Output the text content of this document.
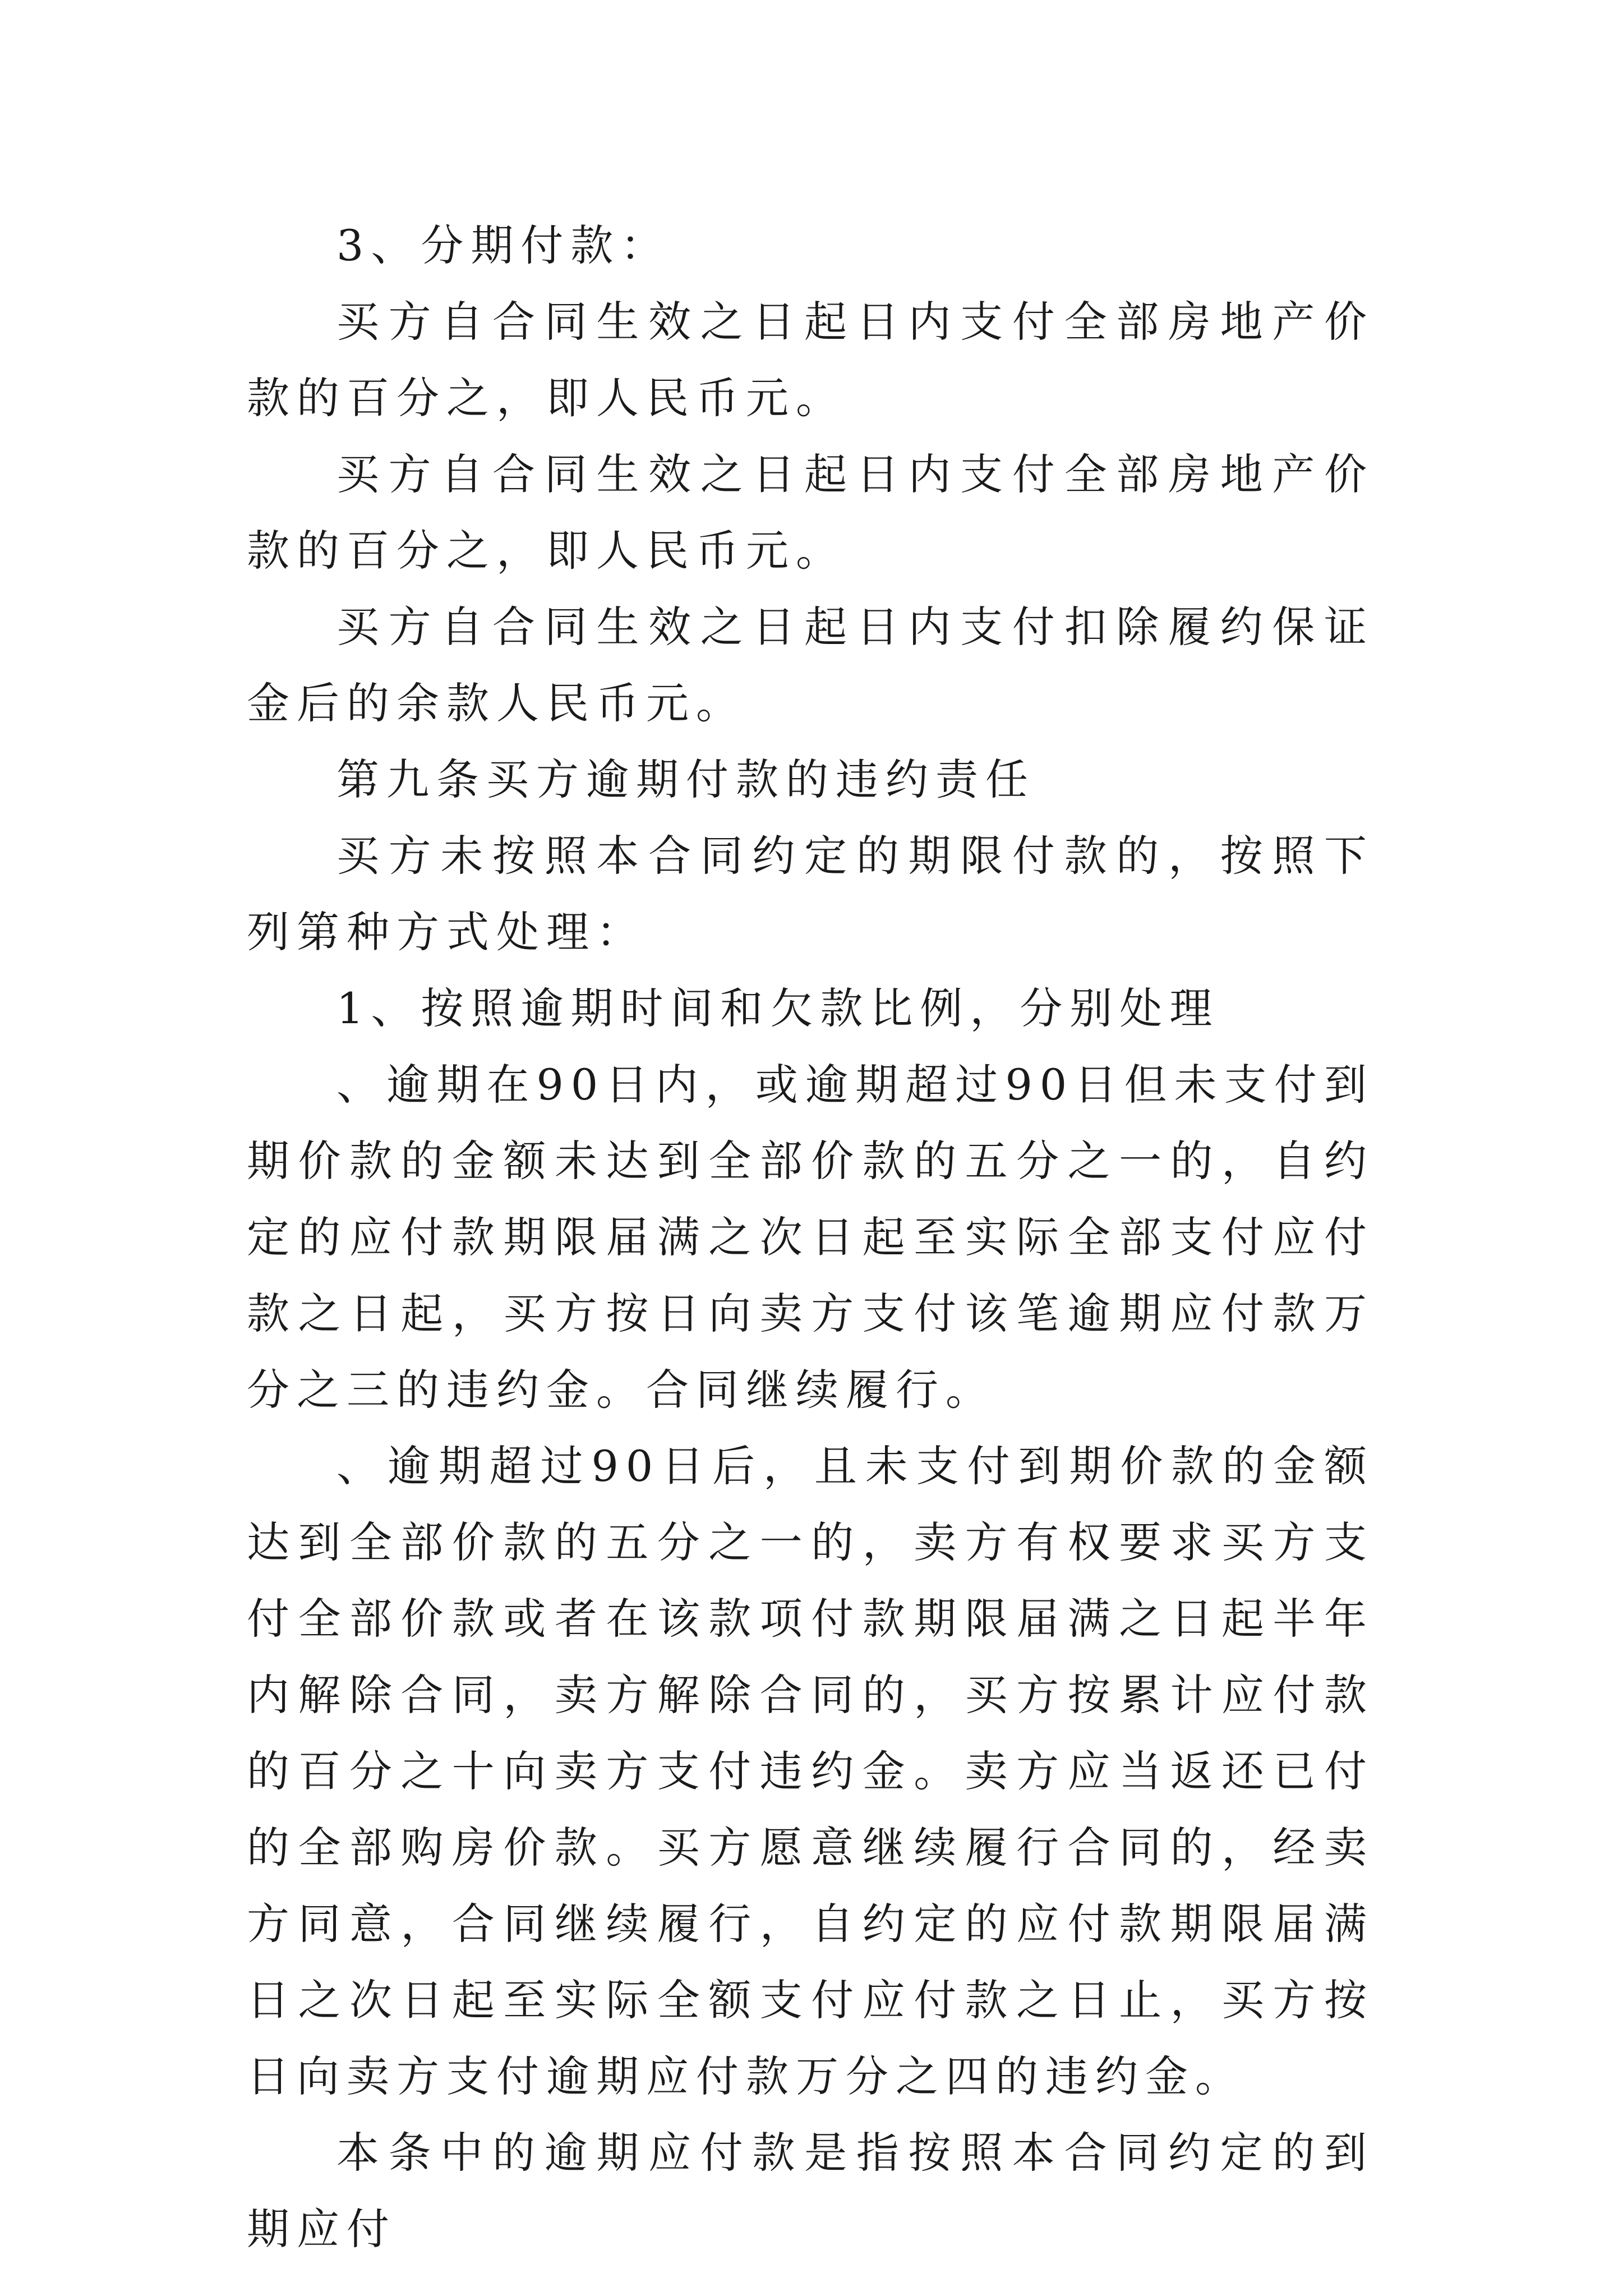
3、分期付款：

买方自合同生效之日起日内支付全部房地产价款的百分之，即人民币元。

买方自合同生效之日起日内支付全部房地产价款的百分之，即人民币元。

买方自合同生效之日起日内支付扣除履约保证金后的余款人民币元。

第九条买方逾期付款的违约责任

买方未按照本合同约定的期限付款的，按照下列第种方式处理：

1、按照逾期时间和欠款比例，分别处理

、逾期在90日内，或逾期超过90日但未支付到期价款的金额未达到全部价款的五分之一的，自约定的应付款期限届满之次日起至实际全部支付应付款之日起，买方按日向卖方支付该笔逾期应付款万分之三的违约金。合同继续履行。

、逾期超过90日后，且未支付到期价款的金额达到全部价款的五分之一的，卖方有权要求买方支付全部价款或者在该款项付款期限届满之日起半年内解除合同，卖方解除合同的，买方按累计应付款的百分之十向卖方支付违约金。卖方应当返还已付的全部购房价款。买方愿意继续履行合同的，经卖方同意，合同继续履行，自约定的应付款期限届满日之次日起至实际全额支付应付款之日止，买方按日向卖方支付逾期应付款万分之四的违约金。

本条中的逾期应付款是指按照本合同约定的到期应付
